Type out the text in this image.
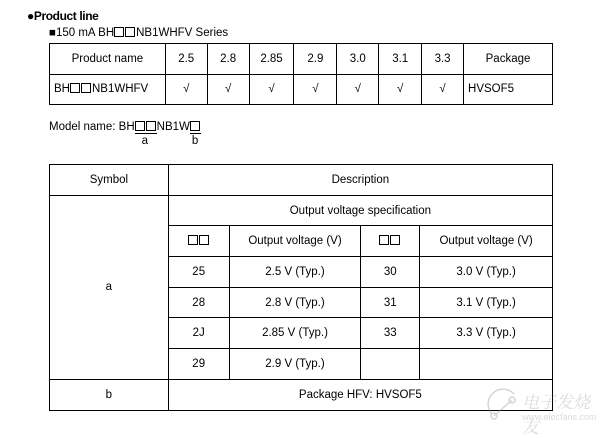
●Product line
■150 mA BH NB1WHFV Series
Product name	2.5	2.8	2.85	2.9	3.0	3.1	3.3	Package
BH NB1WHFV	√	√	√	√	√	√	√	HVSOF5
Model name: BH
a
NB1W
b
Symbol	Description			
a	Output voltage specification			
		Output voltage (V)		Output voltage (V)
	25	2.5 V (Typ.)	30	3.0 V (Typ.)
	28	2.8 V (Typ.)	31	3.1 V (Typ.)
	2J	2.85 V (Typ.)	33	3.3 V (Typ.)
	29	2.9 V (Typ.)		
b	Package HFV: HVSOF5				电子发烧友
www.elecfans.com
